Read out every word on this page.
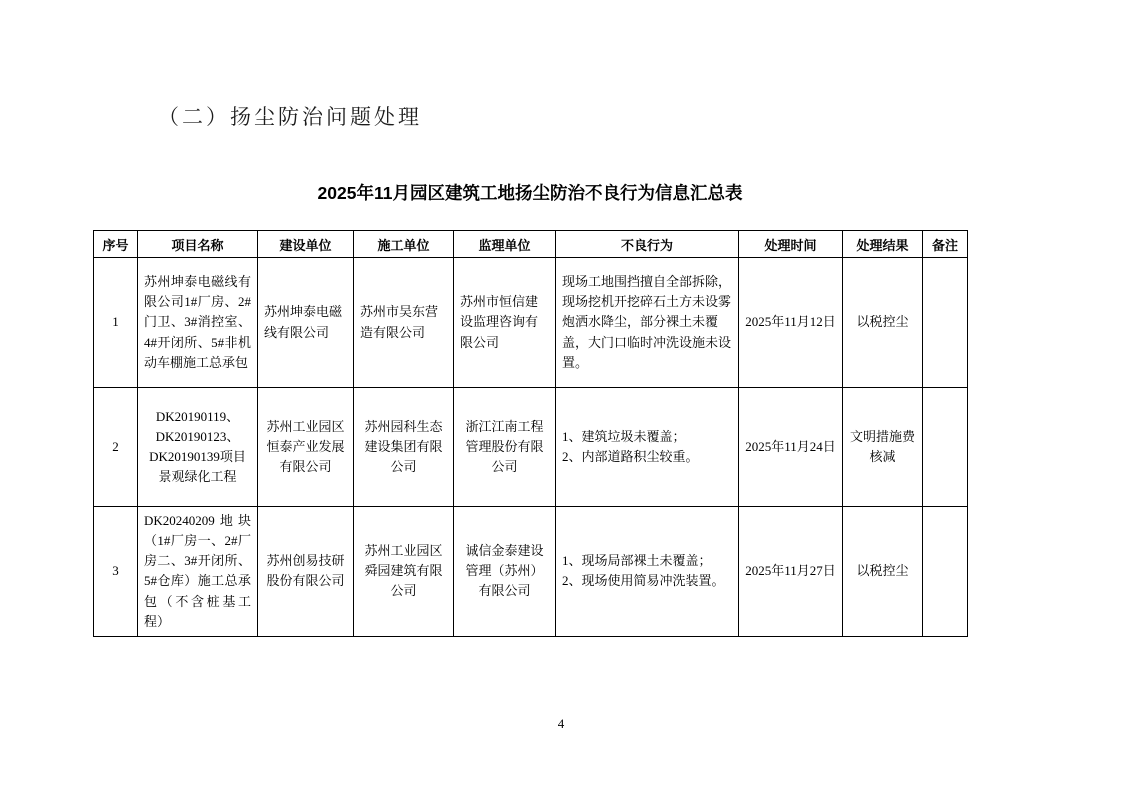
（二）扬尘防治问题处理
2025年11月园区建筑工地扬尘防治不良行为信息汇总表
序号	项目名称	建设单位	施工单位	监理单位	不良行为	处理时间	处理结果	备注
1	苏州坤泰电磁线有限公司1#厂房、2#门卫、3#消控室、4#开闭所、5#非机动车棚施工总承包	苏州坤泰电磁线有限公司	苏州市吴东营造有限公司	苏州市恒信建设监理咨询有限公司	现场工地围挡擅自全部拆除，现场挖机开挖碎石土方未设雾炮洒水降尘，部分裸土未覆盖，大门口临时冲洗设施未设置。	2025年11月12日	以税控尘	
2	DK20190119、DK20190123、DK20190139项目景观绿化工程	苏州工业园区恒泰产业发展有限公司	苏州园科生态建设集团有限公司	浙江江南工程管理股份有限公司	1、建筑垃圾未覆盖；
2、内部道路积尘较重。	2025年11月24日	文明措施费核减	
3	DK20240209地块（1#厂房一、2#厂房二、3#开闭所、5#仓库）施工总承包（不含桩基工程）	苏州创易技研股份有限公司	苏州工业园区舜园建筑有限公司	诚信金泰建设管理（苏州）有限公司	1、现场局部裸土未覆盖；
2、现场使用简易冲洗装置。	2025年11月27日	以税控尘	
4
